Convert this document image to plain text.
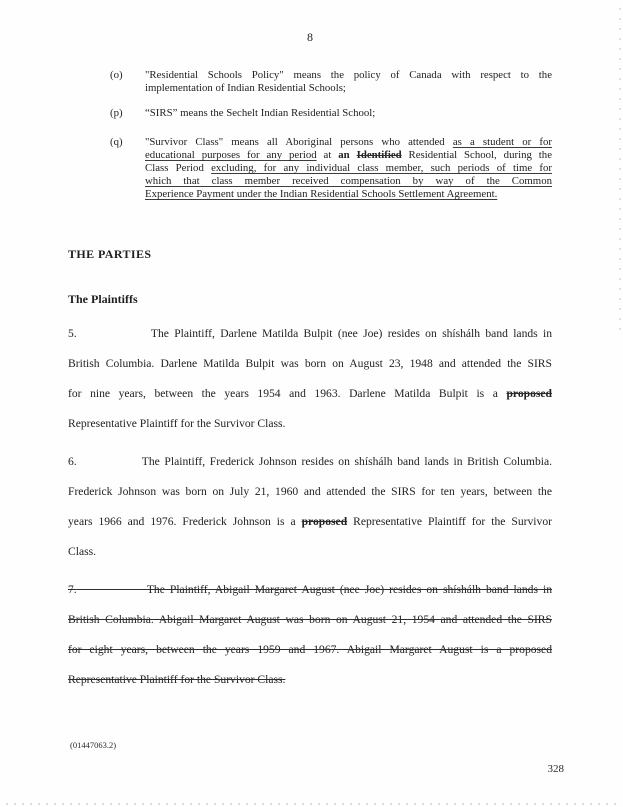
8
(o) "Residential Schools Policy" means the policy of Canada with respect to the
implementation of Indian Residential Schools;
(p) “SIRS” means the Sechelt Indian Residential School;
(q) "Survivor Class" means all Aboriginal persons who attended as a student or for
educational purposes for any period at an Identified Residential School, during the
Class Period excluding, for any individual class member, such periods of time for
which that class member received compensation by way of the Common
Experience Payment under the Indian Residential Schools Settlement Agreement.
THE PARTIES
The Plaintiffs
5.	The Plaintiff, Darlene Matilda Bulpit (nee Joe) resides on shíshálh band lands in
British Columbia. Darlene Matilda Bulpit was born on August 23, 1948 and attended the SIRS
for nine years, between the years 1954 and 1963. Darlene Matilda Bulpit is a proposed
Representative Plaintiff for the Survivor Class.
6.	The Plaintiff, Frederick Johnson resides on shíshálh band lands in British Columbia.
Frederick Johnson was born on July 21, 1960 and attended the SIRS for ten years, between the
years 1966 and 1976. Frederick Johnson is a proposed Representative Plaintiff for the Survivor
Class.
7.	The Plaintiff, Abigail Margaret August (nee Joe) resides on shíshálh band lands in
British Columbia. Abigail Margaret August was born on August 21, 1954 and attended the SIRS
for eight years, between the years 1959 and 1967. Abigail Margaret August is a proposed
Representative Plaintiff for the Survivor Class.
(01447063.2)
328
